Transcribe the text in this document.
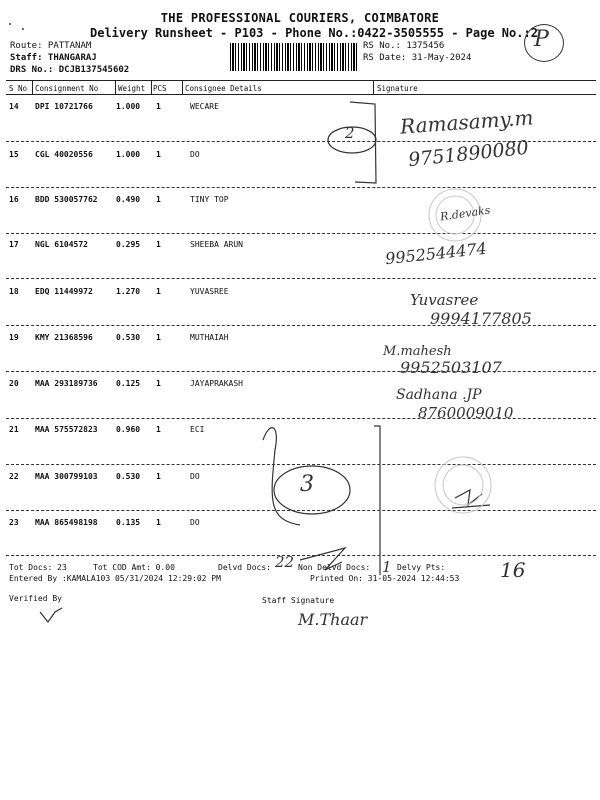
THE PROFESSIONAL COURIERS, COIMBATORE
Delivery Runsheet - P103 - Phone No.:0422-3505555 - Page No.:2
P
Route: PATTANAM
Staff: THANGARAJ
DRS No.: DCJB137545602
RS No.: 1375456
RS Date: 31-May-2024
S No Consignment No	Weight PCS Consignee Details	Signature
14 DPI 10721766	1.000 1	WECARE
15 CGL 40020556	1.000 1	DO
16 BDD 530057762 0.490 1	TINY TOP
17 NGL 6104572	0.295 1	SHEEBA ARUN
18 EDQ 11449972	1.270 1	YUVASREE
19 KMY 21368596	0.530 1	MUTHAIAH
20 MAA 293189736 0.125 1	JAYAPRAKASH
21 MAA 575572823 0.960 1	ECI
22 MAA 300799103 0.530 1	DO
23 MAA 865498198 0.135 1	DO
2
3
Ramasamy.m
9751890080
R.devaks
9952544474
Yuvasree
9994177805
M.mahesh
9952503107
Sadhana .JP
8760009010
Tot Docs: 23	Tot COD Amt: 0.00	Delvd Docs: 22 Non Delvd Docs: 1 Delvy Pts:	16
Entered By :KAMALA103 05/31/2024 12:29:02 PM	Printed On: 31-05-2024 12:44:53
Verified By	Staff Signature
M.Thaar
